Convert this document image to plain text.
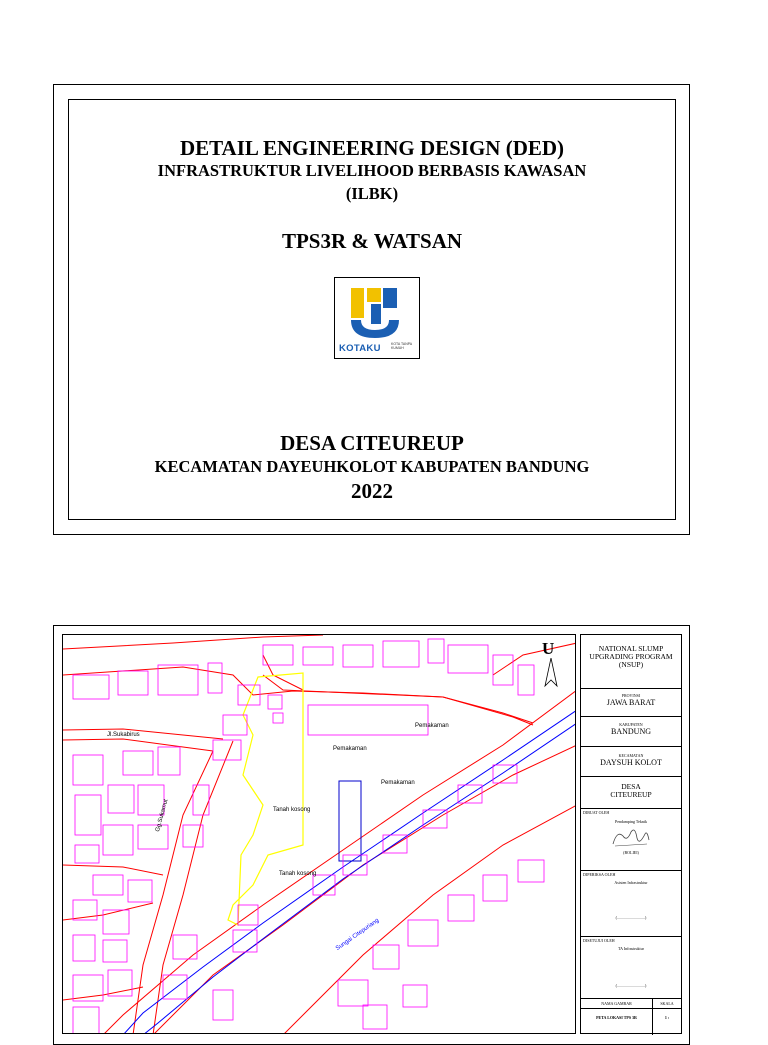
DETAIL ENGINEERING DESIGN (DED)
INFRASTRUKTUR LIVELIHOOD BERBASIS KAWASAN
(ILBK)
TPS3R & WATSAN
KOTAKU	KOTA TANPA KUMUH
DESA CITEUREUP
KECAMATAN DAYEUHKOLOT KABUPATEN BANDUNG
2022
Jl.Sukabirus
Gg.Sukamut
Pemakaman
Pemakaman
Pemakaman
Tanah kosong
Tanah kosong
Sungai Citepuriang
U	NATIONAL SLUMP UPGRADING PROGRAM (NSUP)
PROVINSI
JAWA BARAT
KABUPATEN
BANDUNG
KECAMATAN
DAYSUH KOLOT
DESA CITEUREUP
DIBUAT OLEH
Pendamping Teknik
(BOLIEI)
DIPERIKSA OLEH
Asisten Infrastruktur
(............................)
DISETUJUI OLEH
TA Infrastruktur
(............................)
NAMA GAMBAR
PETA LOKASI TPS 3R
SKALA
1 :
